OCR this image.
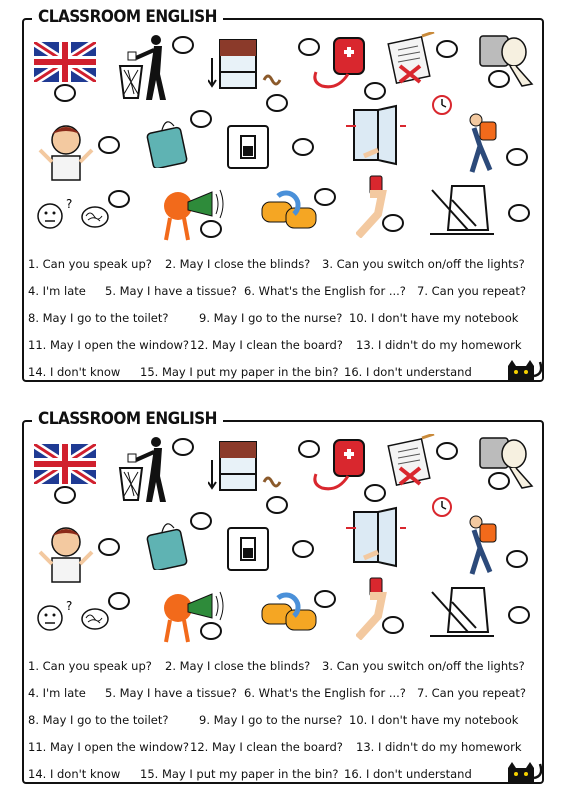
CLASSROOM ENGLISH
?
1. Can you speak up? 2. May I close the blinds? 3. Can you switch on/off the lights?
4. I'm late 5. May I have a tissue? 6. What's the English for ...? 7. Can you repeat?
8. May I go to the toilet?	9. May I go to the nurse? 10. I don't have my notebook
11. May I open the window? 12. May I clean the board? 13. I didn't do my homework
14. I don't know 15. May I put my paper in the bin? 16. I don't understand
CLASSROOM ENGLISH
?
1. Can you speak up? 2. May I close the blinds? 3. Can you switch on/off the lights?
4. I'm late 5. May I have a tissue? 6. What's the English for ...? 7. Can you repeat?
8. May I go to the toilet?	9. May I go to the nurse? 10. I don't have my notebook
11. May I open the window? 12. May I clean the board? 13. I didn't do my homework
14. I don't know 15. May I put my paper in the bin? 16. I don't understand
